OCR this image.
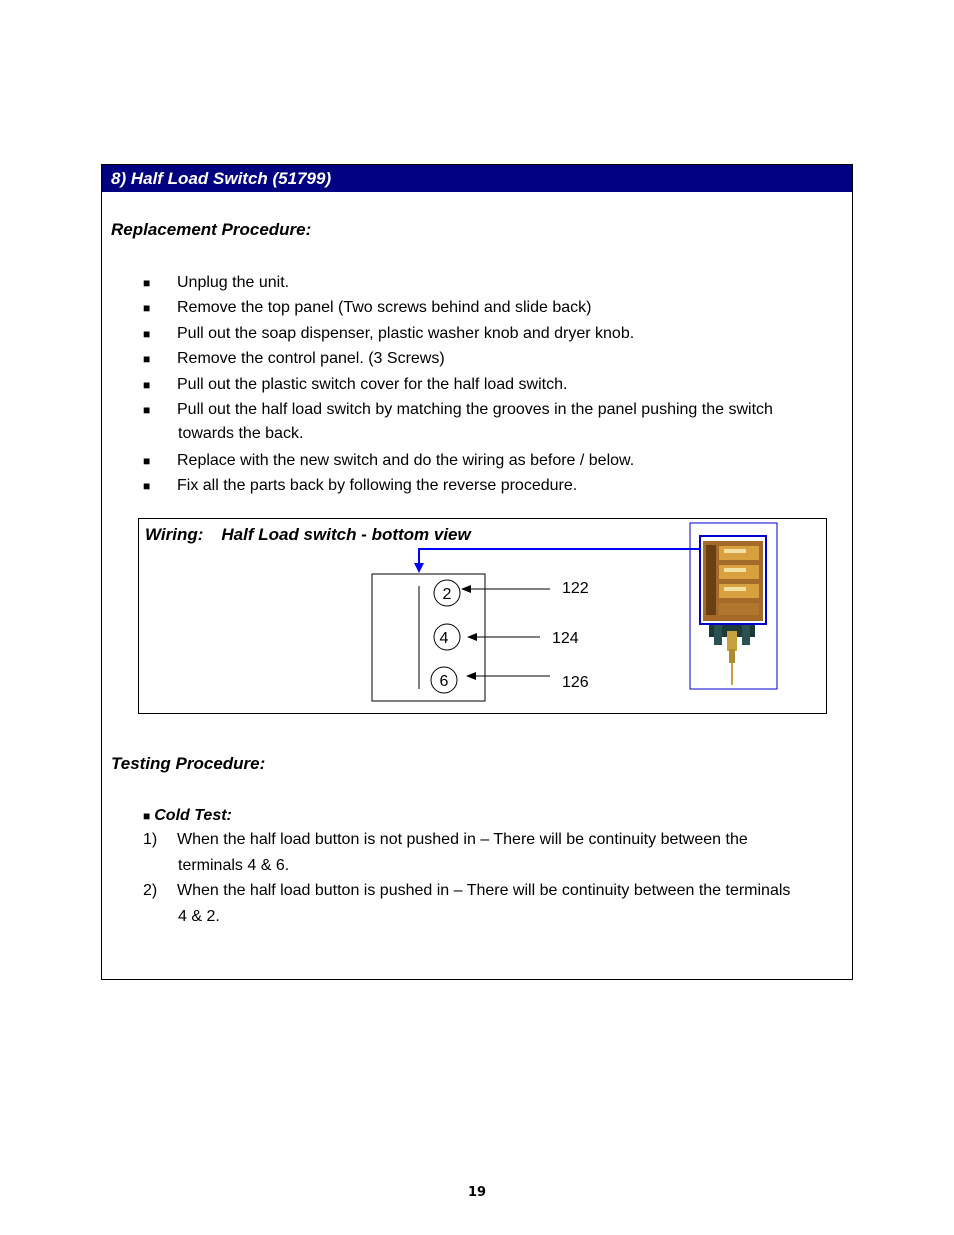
8) Half Load Switch (51799)
Replacement Procedure:
■ Unplug the unit.
■ Remove the top panel (Two screws behind and slide back)
■ Pull out the soap dispenser, plastic washer knob and dryer knob.
■ Remove the control panel. (3 Screws)
■ Pull out the plastic switch cover for the half load switch.
■ Pull out the half load switch by matching the grooves in the panel pushing the switch
towards the back.
■ Replace with the new switch and do the wiring as before / below.
■ Fix all the parts back by following the reverse procedure.
Wiring: Half Load switch - bottom view
2
4
6
122
124
126
Testing Procedure:
■ Cold Test:
1) When the half load button is not pushed in – There will be continuity between the
terminals 4 & 6.
2) When the half load button is pushed in – There will be continuity between the terminals
4 & 2.
19
